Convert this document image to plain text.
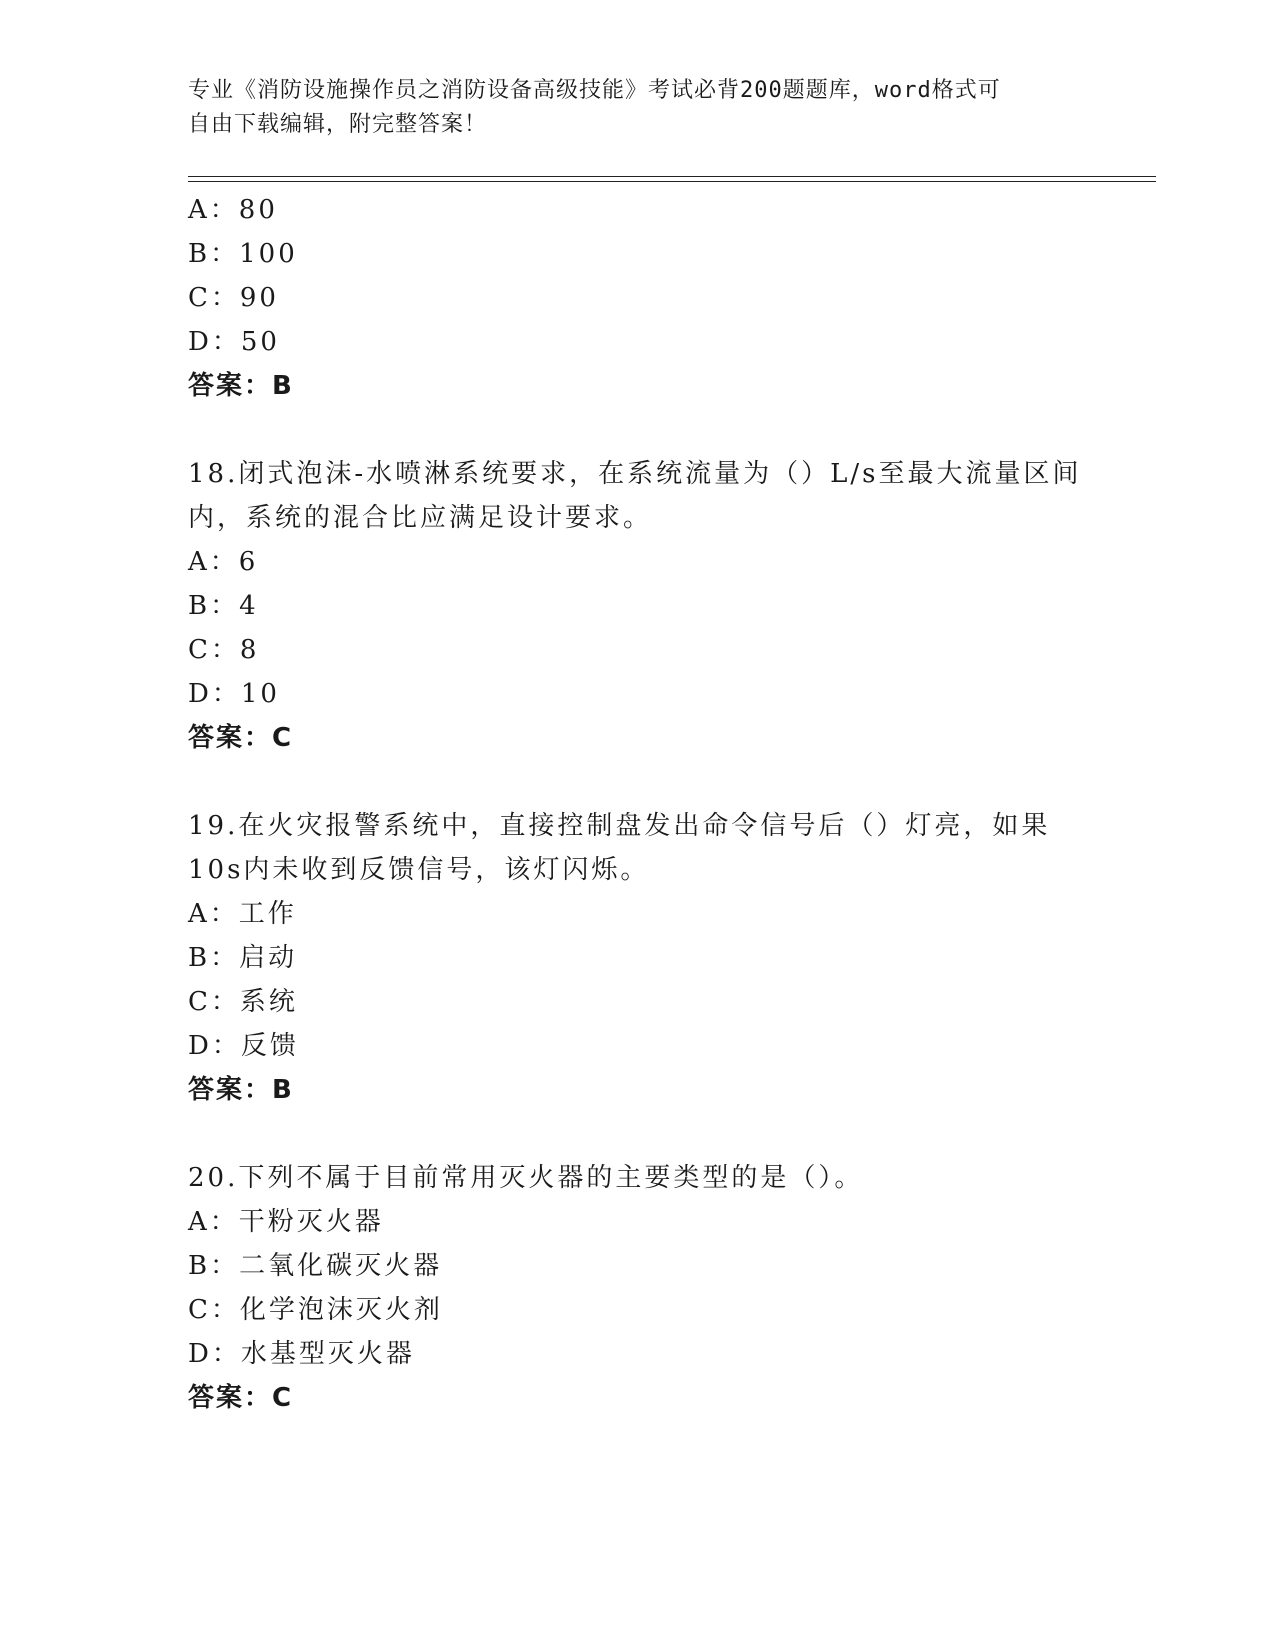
专业《消防设施操作员之消防设备高级技能》考试必背200题题库，word格式可
自由下载编辑，附完整答案！
A：80
B：100
C：90
D：50
答案：B
18.闭式泡沫-水喷淋系统要求，在系统流量为（）L/s至最大流量区间
内，系统的混合比应满足设计要求。
A：6
B：4
C：8
D：10
答案：C
19.在火灾报警系统中，直接控制盘发出命令信号后（）灯亮，如果
10s内未收到反馈信号，该灯闪烁。
A：工作
B：启动
C：系统
D：反馈
答案：B
20.下列不属于目前常用灭火器的主要类型的是（）。
A：干粉灭火器
B：二氧化碳灭火器
C：化学泡沫灭火剂
D：水基型灭火器
答案：C
